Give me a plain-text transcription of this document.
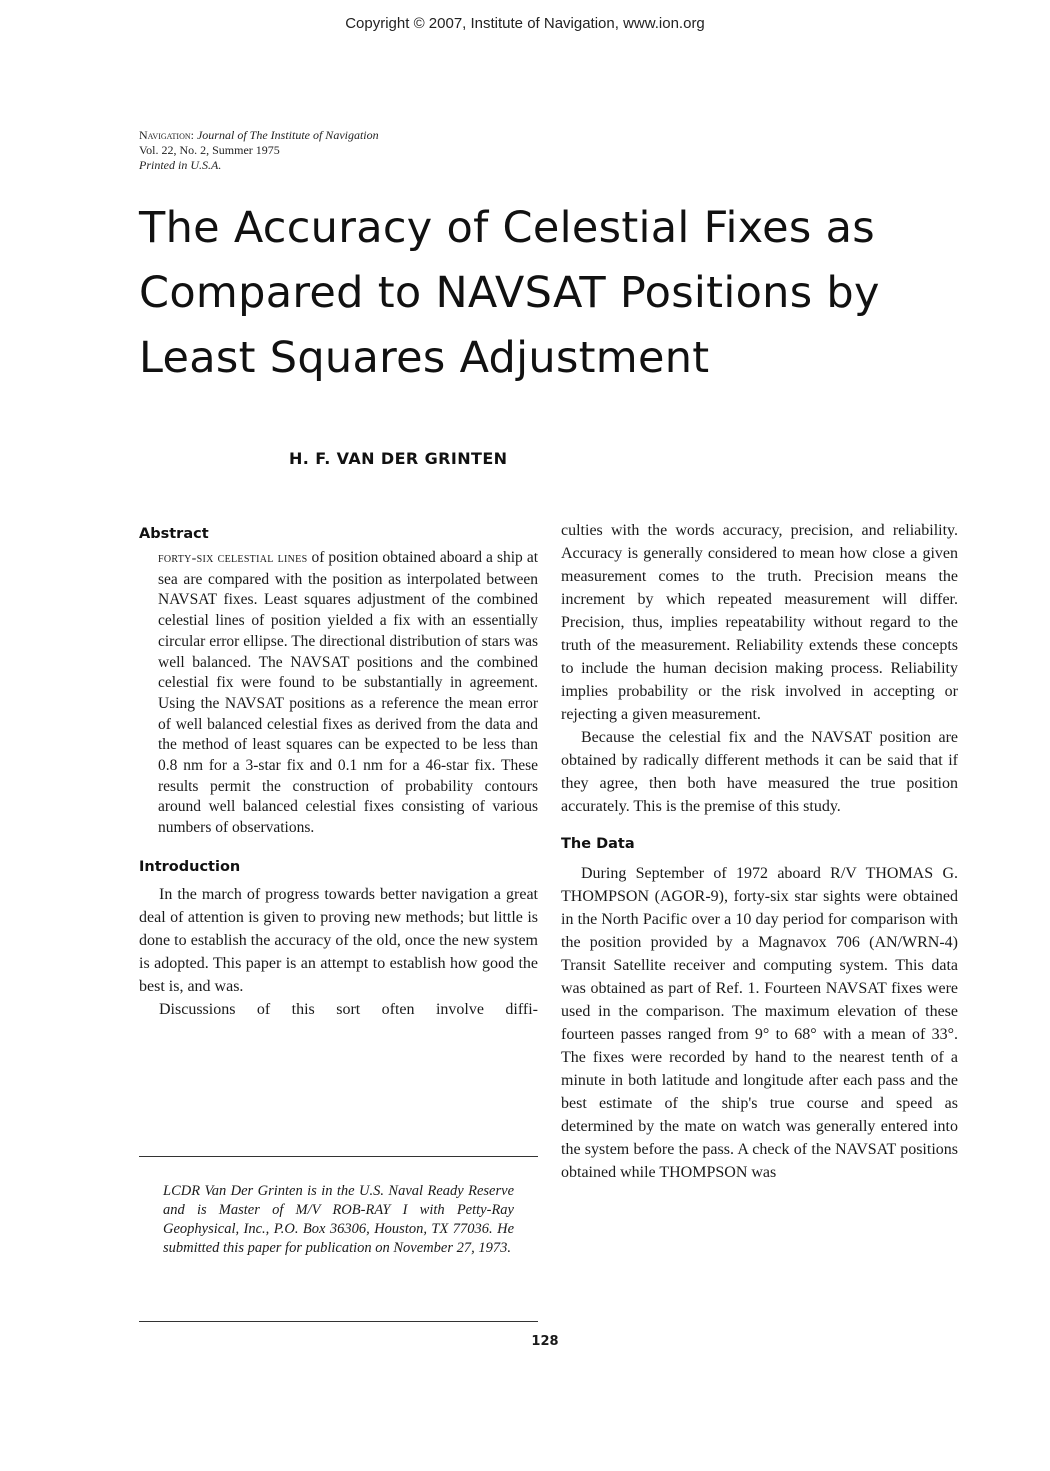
Copyright © 2007, Institute of Navigation, www.ion.org
Navigation: Journal of The Institute of Navigation
Vol. 22, No. 2, Summer 1975
Printed in U.S.A.
The Accuracy of Celestial Fixes as Compared to NAVSAT Positions by Least Squares Adjustment
H. F. VAN DER GRINTEN
Abstract

forty-six celestial lines of position obtained aboard a ship at sea are compared with the position as interpolated between NAVSAT fixes. Least squares adjustment of the combined celestial lines of position yielded a fix with an essentially circular error ellipse. The directional distribution of stars was well balanced. The NAVSAT positions and the combined celestial fix were found to be substantially in agreement. Using the NAVSAT positions as a reference the mean error of well balanced celestial fixes as derived from the data and the method of least squares can be expected to be less than 0.8 nm for a 3-star fix and 0.1 nm for a 46-star fix. These results permit the construction of probability contours around well balanced celestial fixes consisting of various numbers of observations.

Introduction

In the march of progress towards better navigation a great deal of attention is given to proving new methods; but little is done to establish the accuracy of the old, once the new system is adopted. This paper is an attempt to establish how good the best is, and was.

Discussions of this sort often involve diffi-

LCDR Van Der Grinten is in the U.S. Naval Ready Reserve and is Master of M/V ROB-RAY I with Petty-Ray Geophysical, Inc., P.O. Box 36306, Houston, TX 77036. He submitted this paper for publication on November 27, 1973.

culties with the words accuracy, precision, and reliability. Accuracy is generally considered to mean how close a given measurement comes to the truth. Precision means the increment by which repeated measurement will differ. Precision, thus, implies repeatability without regard to the truth of the measurement. Reliability extends these concepts to include the human decision making process. Reliability implies probability or the risk involved in accepting or rejecting a given measurement.

Because the celestial fix and the NAVSAT position are obtained by radically different methods it can be said that if they agree, then both have measured the true position accurately. This is the premise of this study.

The Data

During September of 1972 aboard R/V THOMAS G. THOMPSON (AGOR-9), forty-six star sights were obtained in the North Pacific over a 10 day period for comparison with the position provided by a Magnavox 706 (AN/WRN-4) Transit Satellite receiver and computing system. This data was obtained as part of Ref. 1. Fourteen NAVSAT fixes were used in the comparison. The maximum elevation of these fourteen passes ranged from 9° to 68° with a mean of 33°. The fixes were recorded by hand to the nearest tenth of a minute in both latitude and longitude after each pass and the best estimate of the ship's true course and speed as determined by the mate on watch was generally entered into the system before the pass. A check of the NAVSAT positions obtained while THOMPSON was

128
